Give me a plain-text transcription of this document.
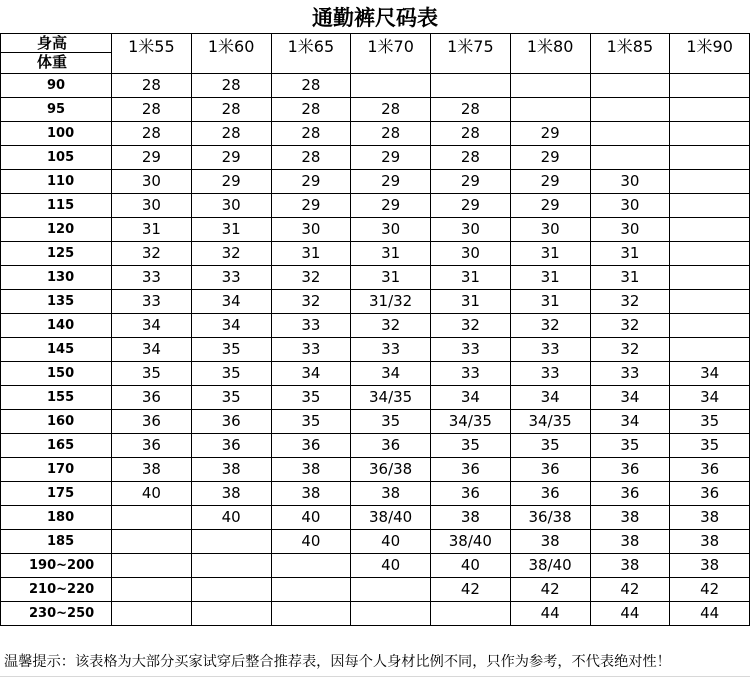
通勤裤尺码表
身高
体重	1米55	1米60	1米65	1米70	1米75	1米80	1米85	1米90
90	28	28	28					
95	28	28	28	28	28			
100	28	28	28	28	28	29		
105	29	29	28	29	28	29		
110	30	29	29	29	29	29	30	
115	30	30	29	29	29	29	30	
120	31	31	30	30	30	30	30	
125	32	32	31	31	30	31	31	
130	33	33	32	31	31	31	31	
135	33	34	32	31/32	31	31	32	
140	34	34	33	32	32	32	32	
145	34	35	33	33	33	33	32	
150	35	35	34	34	33	33	33	34
155	36	35	35	34/35	34	34	34	34
160	36	36	35	35	34/35	34/35	34	35
165	36	36	36	36	35	35	35	35
170	38	38	38	36/38	36	36	36	36
175	40	38	38	38	36	36	36	36
180		40	40	38/40	38	36/38	38	38
185			40	40	38/40	38	38	38
190~200				40	40	38/40	38	38
210~220					42	42	42	42
230~250						44	44	44
温馨提示：该表格为大部分买家试穿后整合推荐表，因每个人身材比例不同，只作为参考，不代表绝对性！
